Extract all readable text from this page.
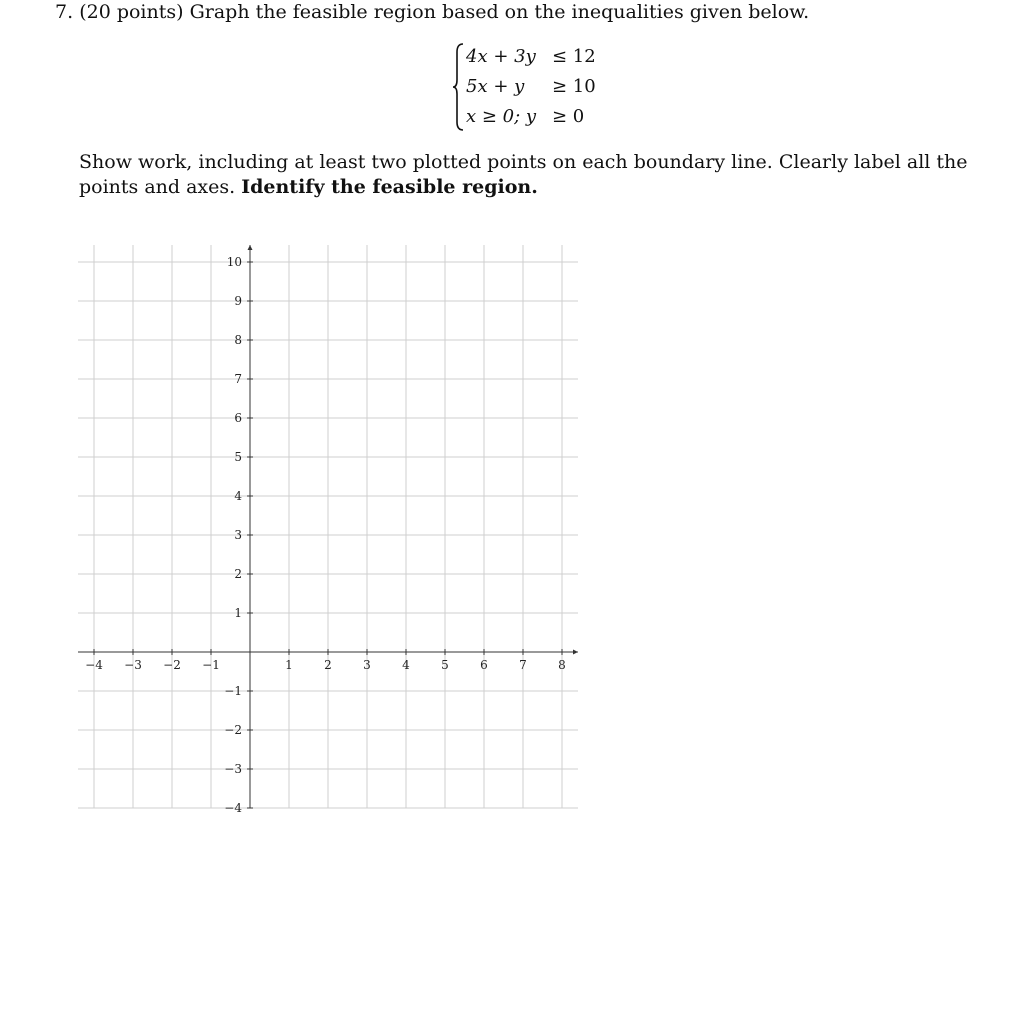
7. (20 points) Graph the feasible region based on the inequalities given below.
4x + 3y ≤ 12
5x + y ≥ 10
x ≥ 0; y ≥ 0
Show work, including at least two plotted points on each boundary line. Clearly label all the points and axes. Identify the feasible region.
−4 −3 −2 −1	1	2	3	4	5	6	7	8
10
9
8
7
6
5
4
3
2
1
−1
−2
−3
−4
